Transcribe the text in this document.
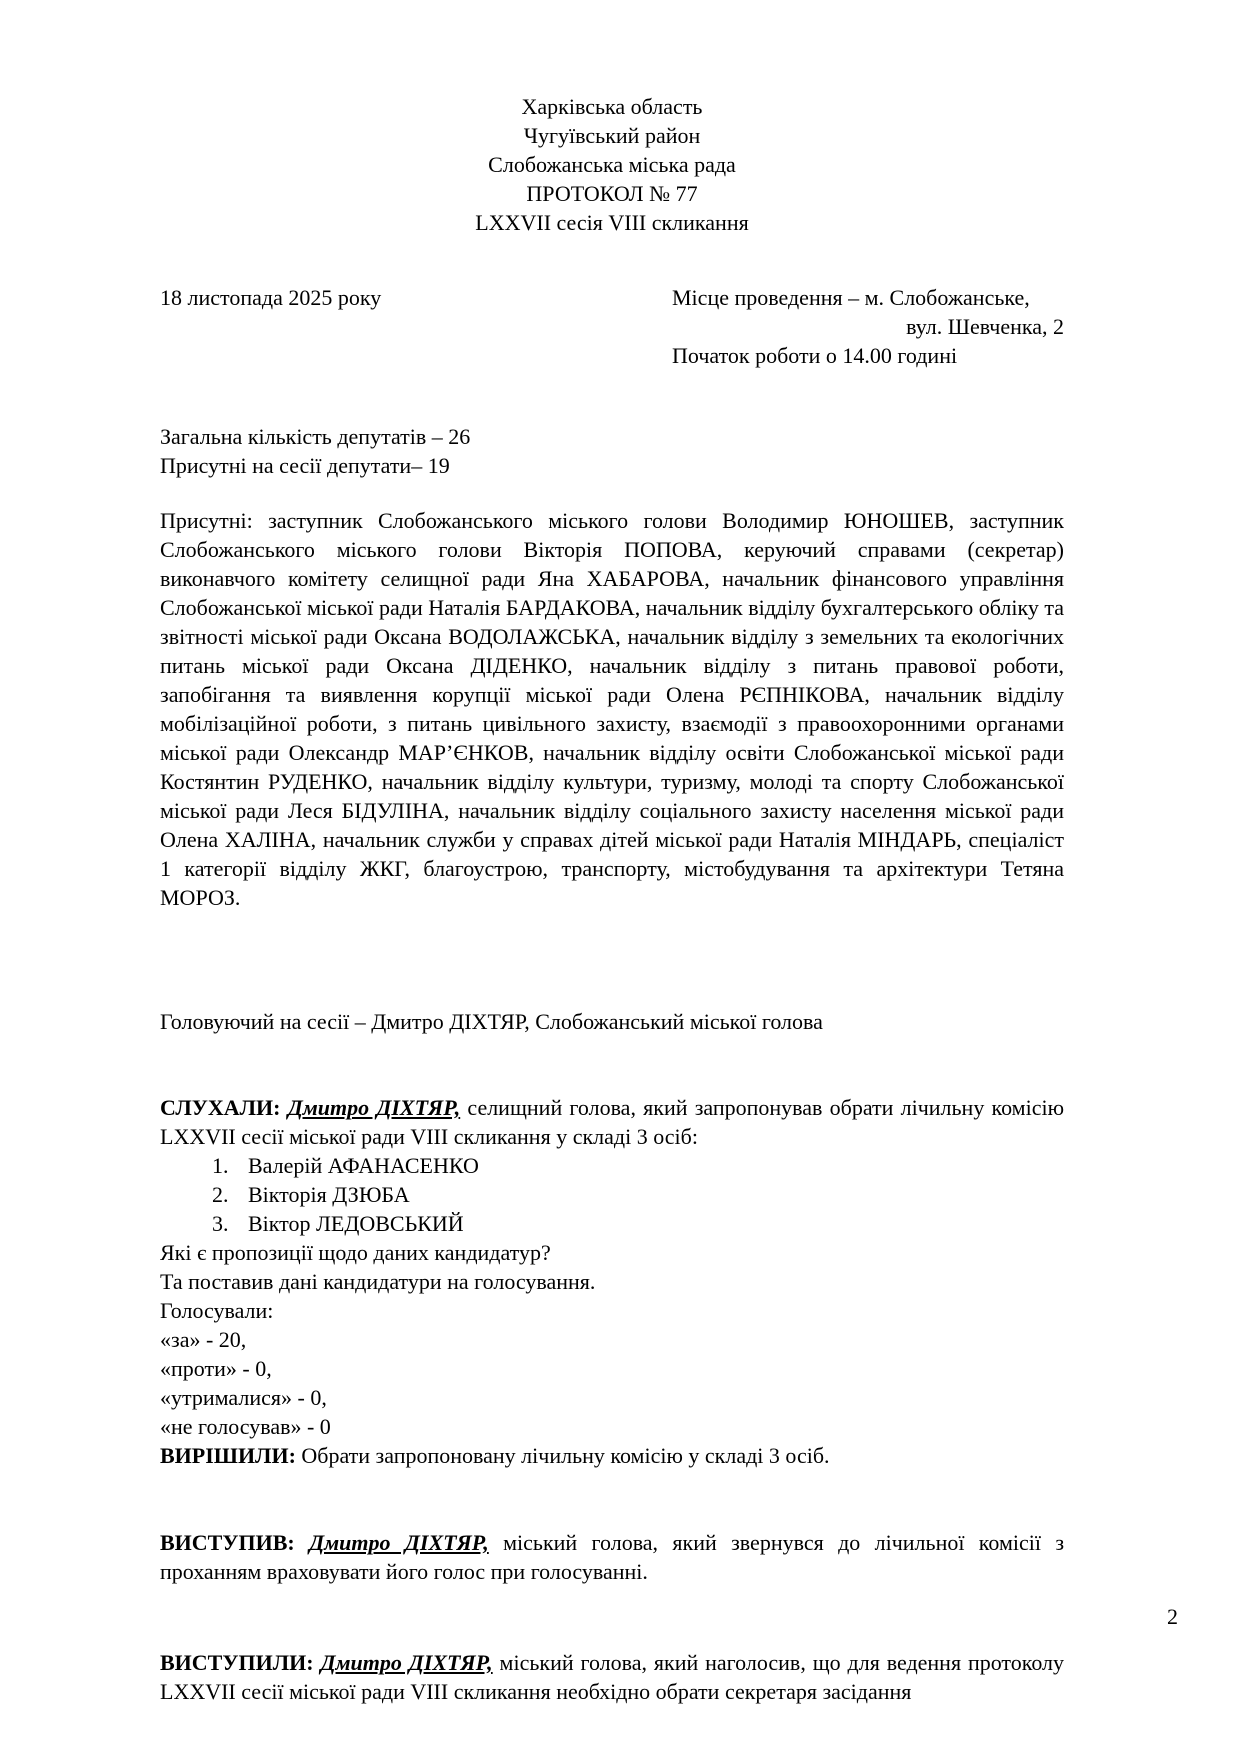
Харківська область
Чугуївський район
Слобожанська міська рада
ПРОТОКОЛ № 77
LXXVII сесія VIII скликання
18 листопада 2025 року	Місце проведення – м. Слобожанське,
вул. Шевченка, 2
Початок роботи о 14.00 годині
Загальна кількість депутатів – 26
Присутні на сесії депутати– 19
Присутні: заступник Слобожанського міського голови Володимир ЮНОШЕВ, заступник Слобожанського міського голови Вікторія ПОПОВА, керуючий справами (секретар) виконавчого комітету селищної ради Яна ХАБАРОВА, начальник фінансового управління Слобожанської міської ради Наталія БАРДАКОВА, начальник відділу бухгалтерського обліку та звітності міської ради Оксана ВОДОЛАЖСЬКА, начальник відділу з земельних та екологічних питань міської ради Оксана ДІДЕНКО, начальник відділу з питань правової роботи, запобігання та виявлення корупції міської ради Олена РЄПНІКОВА, начальник відділу мобілізаційної роботи, з питань цивільного захисту, взаємодії з правоохоронними органами міської ради Олександр МАР’ЄНКОВ, начальник відділу освіти Слобожанської міської ради Костянтин РУДЕНКО, начальник відділу культури, туризму, молоді та спорту Слобожанської міської ради Леся БІДУЛІНА, начальник відділу соціального захисту населення міської ради Олена ХАЛІНА, начальник служби у справах дітей міської ради Наталія МІНДАРЬ, спеціаліст 1 категорії відділу ЖКГ, благоустрою, транспорту, містобудування та архітектури Тетяна МОРОЗ.
Головуючий на сесії – Дмитро ДІХТЯР, Слобожанський міської голова
СЛУХАЛИ: Дмитро ДІХТЯР, селищний голова, який запропонував обрати лічильну комісію LXXVII сесії міської ради VIII скликання у складі 3 осіб:
1. Валерій АФАНАСЕНКО
2. Вікторія ДЗЮБА
3. Віктор ЛЕДОВСЬКИЙ
Які є пропозиції щодо даних кандидатур?
Та поставив дані кандидатури на голосування.
Голосували:
«за» - 20,
«проти» - 0,
«утрималися» - 0,
«не голосував» - 0
ВИРІШИЛИ: Обрати запропоновану лічильну комісію у складі 3 осіб.
ВИСТУПИВ: Дмитро ДІХТЯР, міський голова, який звернувся до лічильної комісії з проханням враховувати його голос при голосуванні.
ВИСТУПИЛИ: Дмитро ДІХТЯР, міський голова, який наголосив, що для ведення протоколу LXXVII сесії міської ради VIII скликання необхідно обрати секретаря засідання
2
